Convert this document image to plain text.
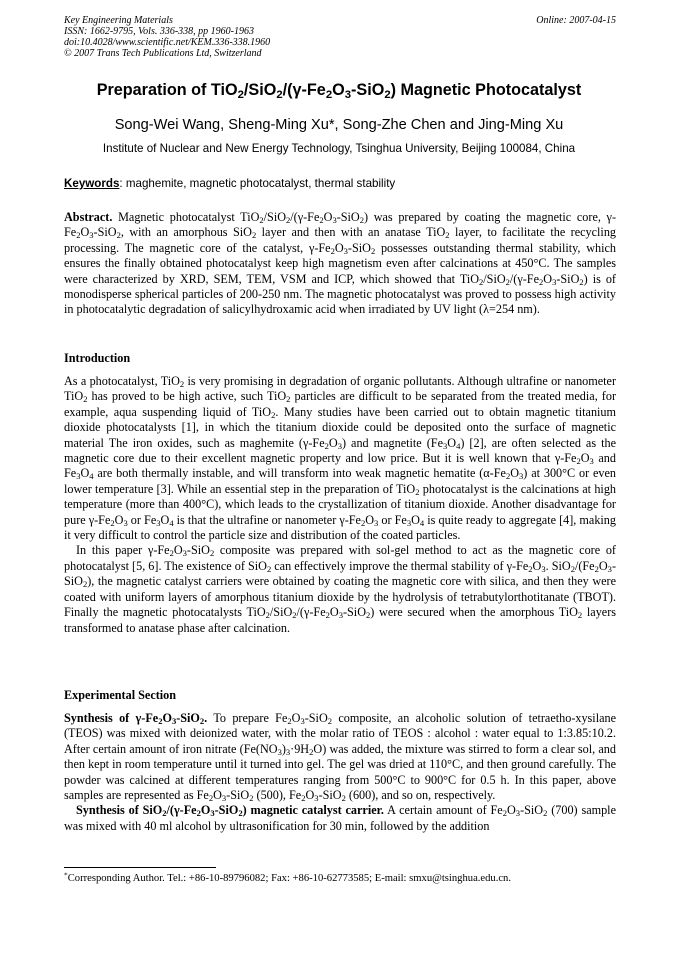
Key Engineering Materials
ISSN: 1662-9795, Vols. 336-338, pp 1960-1963
doi:10.4028/www.scientific.net/KEM.336-338.1960
© 2007 Trans Tech Publications Ltd, Switzerland
Online: 2007-04-15
Preparation of $TiO_2/SiO_2/(\gamma-Fe_2O_3-SiO_2)$ Magnetic Photocatalyst
Song-Wei Wang, Sheng-Ming Xu*, Song-Zhe Chen and Jing-Ming Xu
Institute of Nuclear and New Energy Technology, Tsinghua University, Beijing 100084, China
Keywords: maghemite, magnetic photocatalyst, thermal stability

Abstract. Magnetic photocatalyst $TiO_2/SiO_2/(\gamma-Fe_2O_3-SiO_2)$ was prepared by coating the magnetic core, $\gamma-Fe_2O_3-SiO_2$, with an amorphous SiO$_2$ layer and then with an anatase TiO$_2$ layer, to facilitate the recycling processing. The magnetic core of the catalyst, $\gamma-Fe_2O_3-SiO_2$ possesses outstanding thermal stability, which ensures the finally obtained photocatalyst keep high magnetism even after calcinations at 450°C. The samples were characterized by XRD, SEM, TEM, VSM and ICP, which showed that $TiO_2/SiO_2/(\gamma-Fe_2O_3-SiO_2)$ is of monodisperse spherical particles of 200-250 nm. The magnetic photocatalyst was proved to possess high activity in photocatalytic degradation of salicylhydroxamic acid when irradiated by UV light (λ=254 nm).

Introduction

As a photocatalyst, TiO$_2$ is very promising in degradation of organic pollutants. Although ultrafine or nanometer TiO$_2$ has proved to be high active, such TiO$_2$ particles are difficult to be separated from the treated media, for example, aqua suspending liquid of TiO$_2$. Many studies have been carried out to obtain magnetic titanium dioxide photocatalysts [1], in which the titanium dioxide could be deposited onto the surface of magnetic material The iron oxides, such as maghemite $(\gamma-Fe_2O_3)$ and magnetite $(Fe_3O_4)$ [2], are often selected as the magnetic core due to their excellent magnetic property and low price. But it is well known that $\gamma-Fe_2O_3$ and $Fe_3O_4$ are both thermally instable, and will transform into weak magnetic hematite $(\alpha-Fe_2O_3)$ at 300°C or even lower temperature [3]. While an essential step in the preparation of TiO$_2$ photocatalyst is the calcinations at high temperature (more than 400°C), which leads to the crystallization of titanium dioxide. Another disadvantage for pure $\gamma-Fe_2O_3$ or $Fe_3O_4$ is that the ultrafine or nanometer $\gamma-Fe_2O_3$ or $Fe_3O_4$ is quite ready to aggregate [4], making it very difficult to control the particle size and distribution of the coated particles.

In this paper $\gamma-Fe_2O_3-SiO_2$ composite was prepared with sol-gel method to act as the magnetic core of photocatalyst [5, 6]. The existence of SiO$_2$ can effectively improve the thermal stability of $\gamma-Fe_2O_3$. $SiO_2/(Fe_2O_3-SiO_2)$, the magnetic catalyst carriers were obtained by coating the magnetic core with silica, and then they were coated with uniform layers of amorphous titanium dioxide by the hydrolysis of tetrabutylorthotitanate (TBOT). Finally the magnetic photocatalysts $TiO_2/SiO_2/(\gamma-Fe_2O_3-SiO_2)$ were secured when the amorphous TiO$_2$ layers transformed to anatase phase after calcination.

Experimental Section

Synthesis of $\gamma-Fe_2O_3-SiO_2$. To prepare $Fe_2O_3-SiO_2$ composite, an alcoholic solution of tetraetho-xysilane (TEOS) was mixed with deionized water, with the molar ratio of TEOS : alcohol : water equal to 1:3.85:10.2. After certain amount of iron nitrate $(Fe(NO_3)_3\cdot 9H_2O)$ was added, the mixture was stirred to form a clear sol, and then kept in room temperature until it turned into gel. The gel was dried at 110°C, and then ground carefully. The powder was calcined at different temperatures ranging from 500°C to 900°C for 0.5 h. In this paper, above samples are represented as $Fe_2O_3-SiO_2$ (500), $Fe_2O_3-SiO_2$ (600), and so on, respectively.

Synthesis of $SiO_2/(\gamma-Fe_2O_3-SiO_2)$ magnetic catalyst carrier. A certain amount of $Fe_2O_3-SiO_2$ (700) sample was mixed with 40 ml alcohol by ultrasonification for 30 min, followed by the addition

*Corresponding Author. Tel.: +86-10-89796082; Fax: +86-10-62773585; E-mail: smxu@tsinghua.edu.cn.
